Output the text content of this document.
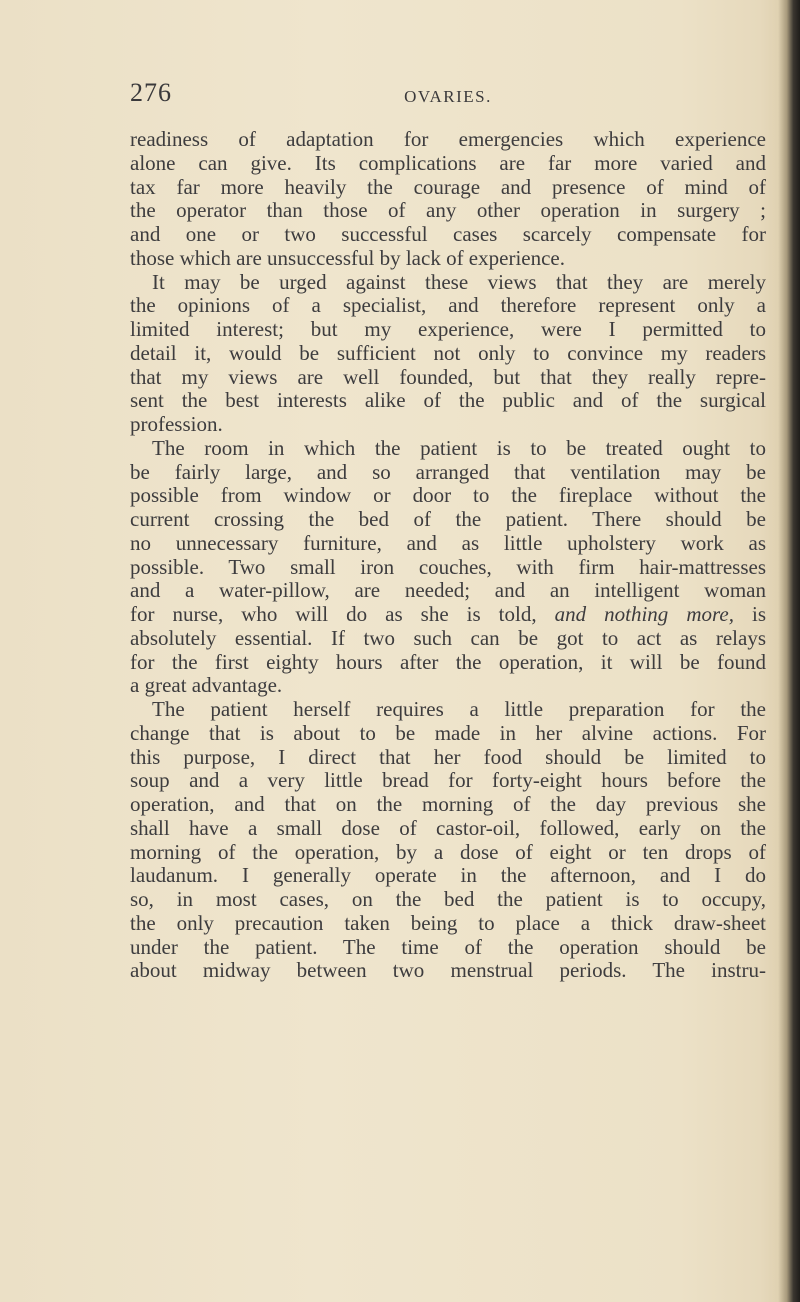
276	OVARIES.
readiness of adaptation for emergencies which experience
alone can give. Its complications are far more varied and
tax far more heavily the courage and presence of mind of
the operator than those of any other operation in surgery ;
and one or two successful cases scarcely compensate for
those which are unsuccessful by lack of experience.
It may be urged against these views that they are merely
the opinions of a specialist, and therefore represent only a
limited interest; but my experience, were I permitted to
detail it, would be sufficient not only to convince my readers
that my views are well founded, but that they really repre-
sent the best interests alike of the public and of the surgical
profession.
The room in which the patient is to be treated ought to
be fairly large, and so arranged that ventilation may be
possible from window or door to the fireplace without the
current crossing the bed of the patient. There should be
no unnecessary furniture, and as little upholstery work as
possible. Two small iron couches, with firm hair-mattresses
and a water-pillow, are needed; and an intelligent woman
for nurse, who will do as she is told, and nothing more, is
absolutely essential. If two such can be got to act as relays
for the first eighty hours after the operation, it will be found
a great advantage.
The patient herself requires a little preparation for the
change that is about to be made in her alvine actions. For
this purpose, I direct that her food should be limited to
soup and a very little bread for forty-eight hours before the
operation, and that on the morning of the day previous she
shall have a small dose of castor-oil, followed, early on the
morning of the operation, by a dose of eight or ten drops of
laudanum. I generally operate in the afternoon, and I do
so, in most cases, on the bed the patient is to occupy,
the only precaution taken being to place a thick draw-sheet
under the patient. The time of the operation should be
about midway between two menstrual periods. The instru-
